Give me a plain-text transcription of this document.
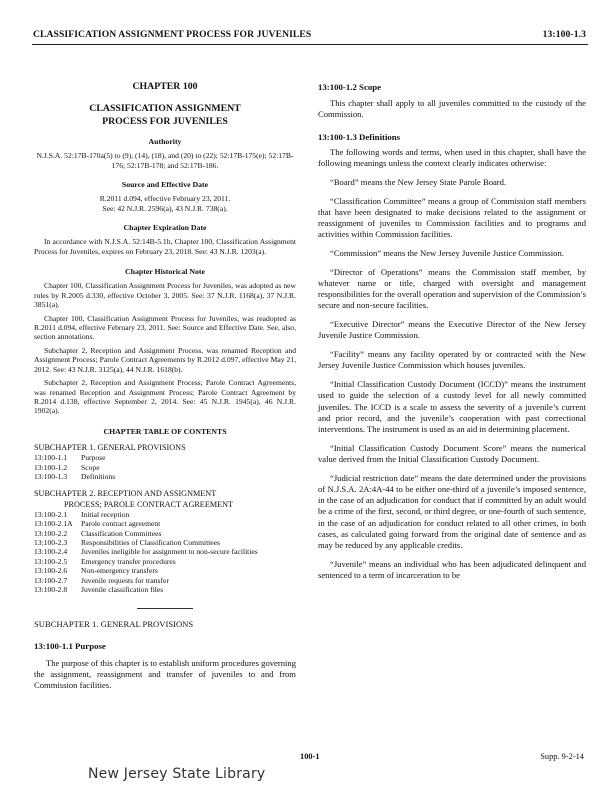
CLASSIFICATION ASSIGNMENT PROCESS FOR JUVENILES	13:100-1.3
CHAPTER 100
CLASSIFICATION ASSIGNMENT PROCESS FOR JUVENILES
Authority

N.J.S.A. 52:17B-170a(5) to (9), (14), (18), and (20) to (22); 52:17B-175(e); 52:17B-176; 52:17B-178; and 52:17B-186.

Source and Effective Date

R.2011 d.094, effective February 23, 2011.

See: 42 N.J.R. 2596(a), 43 N.J.R. 738(a).

Chapter Expiration Date

In accordance with N.J.S.A. 52:14B-5.1b, Chapter 100, Classification Assignment Process for Juveniles, expires on February 23, 2018. See: 43 N.J.R. 1203(a).

Chapter Historical Note

Chapter 100, Classification Assignment Process for Juveniles, was adopted as new rules by R.2005 d.330, effective October 3, 2005. See: 37 N.J.R. 1168(a), 37 N.J.R. 3851(a).

Chapter 100, Classification Assignment Process for Juveniles, was readopted as R.2011 d.094, effective February 23, 2011. See: Source and Effective Date. See, also, section annotations.

Subchapter 2, Reception and Assignment Process, was renamed Reception and Assignment Process; Parole Contract Agreements by R.2012 d.097, effective May 21, 2012. See: 43 N.J.R. 3125(a), 44 N.J.R. 1618(b).

Subchapter 2, Reception and Assignment Process; Parole Contract Agreements, was renamed Reception and Assignment Process; Parole Contract Agreement by R.2014 d.138, effective September 2, 2014. See: 45 N.J.R. 1945(a), 46 N.J.R. 1902(a).

CHAPTER TABLE OF CONTENTS
SUBCHAPTER 1. GENERAL PROVISIONS
13:100-1.1	Purpose
13:100-1.2	Scope
13:100-1.3	Definitions
SUBCHAPTER 2. RECEPTION AND ASSIGNMENT
PROCESS; PAROLE CONTRACT AGREEMENT
13:100-2.1	Initial reception
13:100-2.1A	Parole contract agreement
13:100-2.2	Classification Committees
13:100-2.3	Responsibilities of Classification Committees
13:100-2.4	Juveniles ineligible for assignment to non-secure facilities
13:100-2.5	Emergency transfer procedures
13:100-2.6	Non-emergency transfers
13:100-2.7	Juvenile requests for transfer
13:100-2.8	Juvenile classification files
SUBCHAPTER 1. GENERAL PROVISIONS
13:100-1.1 Purpose

The purpose of this chapter is to establish uniform procedures governing the assignment, reassignment and transfer of juveniles to and from Commission facilities.

13:100-1.2 Scope

This chapter shall apply to all juveniles committed to the custody of the Commission.

13:100-1.3 Definitions

The following words and terms, when used in this chapter, shall have the following meanings unless the context clearly indicates otherwise:

“Board” means the New Jersey State Parole Board.

“Classification Committee” means a group of Commission staff members that have been designated to make decisions related to the assignment or reassignment of juveniles to Commission facilities and to programs and activities within Commission facilities.

“Commission” means the New Jersey Juvenile Justice Commission.

“Director of Operations” means the Commission staff member, by whatever name or title, charged with oversight and management responsibilities for the overall operation and supervision of the Commission’s secure and non-secure facilities.

“Executive Director” means the Executive Director of the New Jersey Juvenile Justice Commission.

“Facility” means any facility operated by or contracted with the New Jersey Juvenile Justice Commission which houses juveniles.

“Initial Classification Custody Document (ICCD)” means the instrument used to guide the selection of a custody level for all newly committed juveniles. The ICCD is a scale to assess the severity of a juvenile’s current and prior record, and the juvenile’s cooperation with past correctional interventions. The instrument is used as an aid in determining placement.

“Initial Classification Custody Document Score” means the numerical value derived from the Initial Classification Custody Document.

“Judicial restriction date” means the date determined under the provisions of N.J.S.A. 2A:4A-44 to be either one-third of a juvenile’s imposed sentence, in the case of an adjudication for conduct that if committed by an adult would be a crime of the first, second, or third degree, or one-fourth of such sentence, in the case of an adjudication for conduct related to all other crimes, in both cases, as calculated going forward from the original date of sentence and as may be reduced by any applicable credits.

“Juvenile” means an individual who has been adjudicated delinquent and sentenced to a term of incarceration to be

100-1	Supp. 9-2-14
New Jersey State Library
